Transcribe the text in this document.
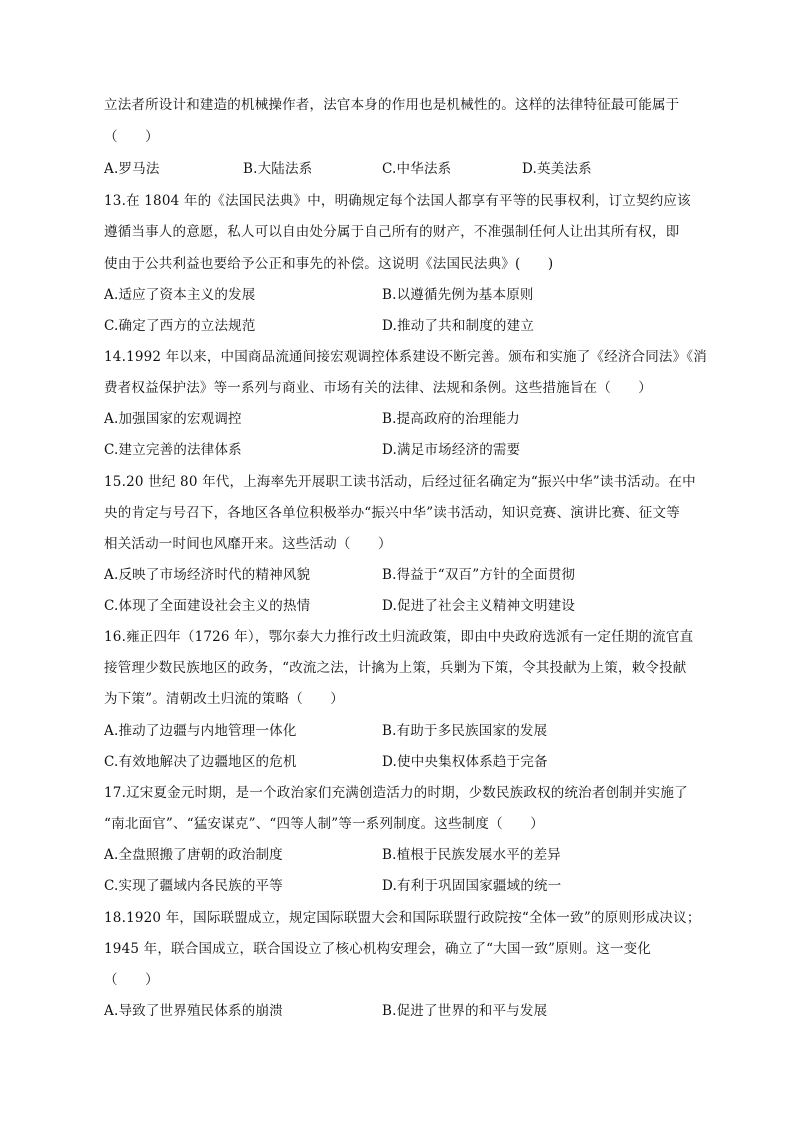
立法者所设计和建造的机械操作者，法官本身的作用也是机械性的。这样的法律特征最可能属于
（　　）
A.罗马法	B.大陆法系	C.中华法系	D.英美法系
13.在 1804 年的《法国民法典》中，明确规定每个法国人都享有平等的民事权利，订立契约应该
遵循当事人的意愿，私人可以自由处分属于自己所有的财产，不准强制任何人让出其所有权，即
使由于公共利益也要给予公正和事先的补偿。这说明《法国民法典》(　　)
A.适应了资本主义的发展	B.以遵循先例为基本原则
C.确定了西方的立法规范	D.推动了共和制度的建立
14.1992 年以来，中国商品流通间接宏观调控体系建设不断完善。颁布和实施了《经济合同法》《消
费者权益保护法》等一系列与商业、市场有关的法律、法规和条例。这些措施旨在（　　）
A.加强国家的宏观调控	B.提高政府的治理能力
C.建立完善的法律体系	D.满足市场经济的需要
15.20 世纪 80 年代，上海率先开展职工读书活动，后经过征名确定为“振兴中华”读书活动。在中
央的肯定与号召下，各地区各单位积极举办“振兴中华”读书活动，知识竞赛、演讲比赛、征文等
相关活动一时间也风靡开来。这些活动（　　）
A.反映了市场经济时代的精神风貌	B.得益于“双百”方针的全面贯彻
C.体现了全面建设社会主义的热情	D.促进了社会主义精神文明建设
16.雍正四年（1726 年），鄂尔泰大力推行改土归流政策，即由中央政府选派有一定任期的流官直
接管理少数民族地区的政务，“改流之法，计擒为上策，兵剿为下策，令其投献为上策，敕令投献
为下策”。清朝改土归流的策略（　　）
A.推动了边疆与内地管理一体化	B.有助于多民族国家的发展
C.有效地解决了边疆地区的危机	D.使中央集权体系趋于完备
17.辽宋夏金元时期，是一个政治家们充满创造活力的时期，少数民族政权的统治者创制并实施了
“南北面官”、“猛安谋克”、“四等人制”等一系列制度。这些制度（　　）
A.全盘照搬了唐朝的政治制度	B.植根于民族发展水平的差异
C.实现了疆域内各民族的平等	D.有利于巩固国家疆域的统一
18.1920 年，国际联盟成立，规定国际联盟大会和国际联盟行政院按“全体一致”的原则形成决议；
1945 年，联合国成立，联合国设立了核心机构安理会，确立了“大国一致”原则。这一变化
（　　）
A.导致了世界殖民体系的崩溃	B.促进了世界的和平与发展
